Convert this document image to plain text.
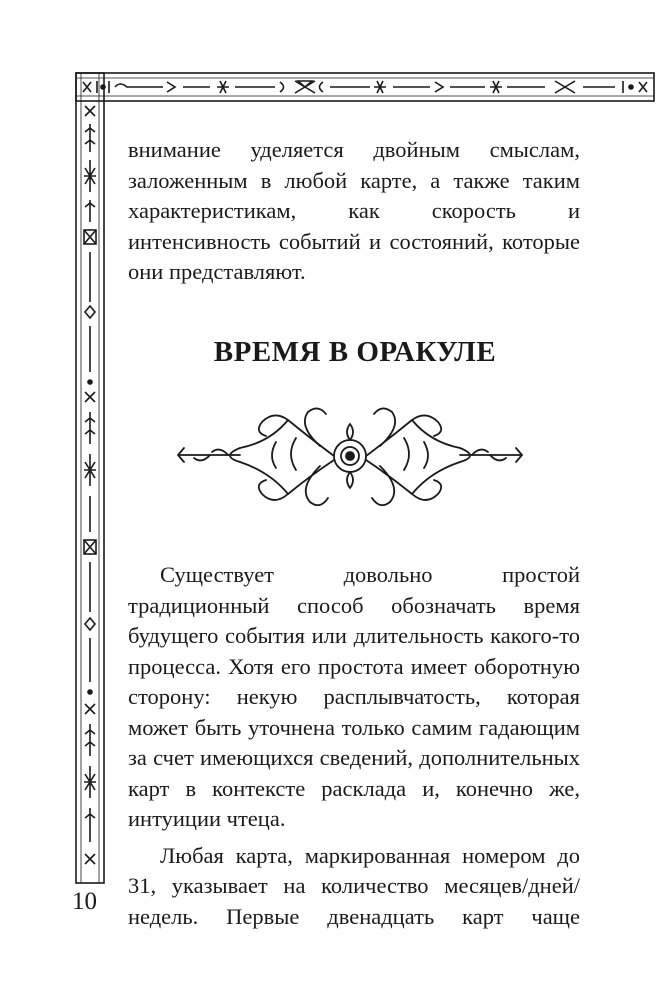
внимание уделяется двойным смыслам, заложенным в любой карте, а также таким характеристикам, как скорость и интенсивность событий и состояний, которые они представляют.

ВРЕМЯ В ОРАКУЛЕ

Существует довольно простой традиционный способ обозначать время будущего события или длительность какого-то процесса. Хотя его простота имеет оборотную сторону: некую расплывчатость, которая может быть уточнена только самим гадающим за счет имеющихся сведений, дополнительных карт в контексте расклада и, конечно же, интуиции чтеца.

Любая карта, маркированная номером до 31, указывает на количество месяцев/дней/недель. Первые двенадцать карт чаще

10
